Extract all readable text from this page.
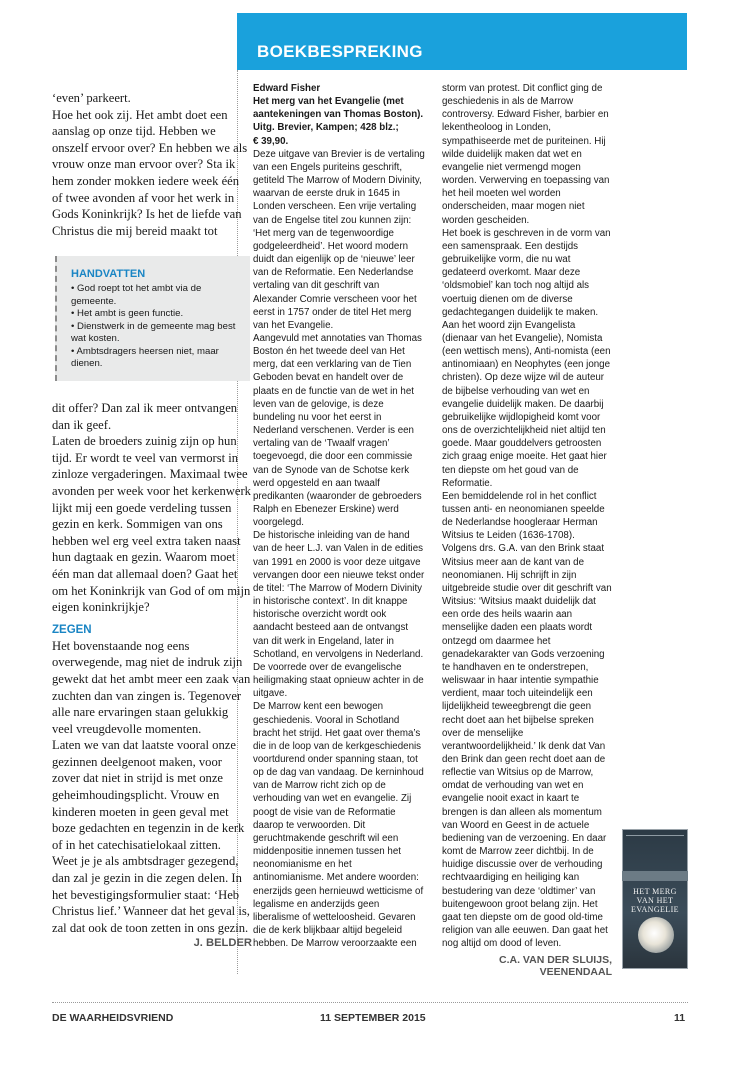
BOEKBESPREKING

‘even’ parkeert.

Hoe het ook zij. Het ambt doet een aanslag op onze tijd. Hebben we onszelf ervoor over? En hebben we als vrouw onze man ervoor over? Sta ik hem zonder mokken iedere week één of twee avonden af voor het werk in Gods Koninkrijk? Is het de liefde van Christus die mij bereid maakt tot

HANDVATTEN
• God roept tot het ambt via de gemeente.
• Het ambt is geen functie.
• Dienstwerk in de gemeente mag best wat kosten.
• Ambtsdragers heersen niet, maar dienen.

dit offer? Dan zal ik meer ontvangen dan ik geef.

Laten de broeders zuinig zijn op hun tijd. Er wordt te veel van vermorst in zinloze vergaderingen. Maximaal twee avonden per week voor het kerkenwerk lijkt mij een goede verdeling tussen gezin en kerk. Sommigen van ons hebben wel erg veel extra taken naast hun dagtaak en gezin. Waarom moet één man dat allemaal doen? Gaat het om het Koninkrijk van God of om mijn eigen koninkrijkje?

ZEGEN

Het bovenstaande nog eens overwegende, mag niet de indruk zijn gewekt dat het ambt meer een zaak van zuchten dan van zingen is. Tegenover alle nare ervaringen staan gelukkig veel vreugdevolle momenten.

Laten we van dat laatste vooral onze gezinnen deelgenoot maken, voor zover dat niet in strijd is met onze geheimhoudingsplicht. Vrouw en kinderen moeten in geen geval met boze gedachten en tegenzin in de kerk of in het catechisatielokaal zitten.

Weet je je als ambtsdrager gezegend, dan zal je gezin in die zegen delen. In het bevestigingsformulier staat: ‘Heb Christus lief.’ Wanneer dat het geval is, zal dat ook de toon zetten in ons gezin.

J. BELDER

Edward Fisher

Het merg van het Evangelie (met aantekeningen van Thomas Boston).

Uitg. Brevier, Kampen; 428 blz.;

€ 39,90.

Deze uitgave van Brevier is de vertaling van een Engels puriteins geschrift, getiteld The Marrow of Modern Divinity, waarvan de eerste druk in 1645 in Londen verscheen. Een vrije vertaling van de Engelse titel zou kunnen zijn: ‘Het merg van de tegenwoordige godgeleerdheid’. Het woord modern duidt dan eigenlijk op de ‘nieuwe’ leer van de Reformatie. Een Nederlandse vertaling van dit geschrift van Alexander Comrie verscheen voor het eerst in 1757 onder de titel Het merg van het Evangelie.

Aangevuld met annotaties van Thomas Boston én het tweede deel van Het merg, dat een verklaring van de Tien Geboden bevat en handelt over de plaats en de functie van de wet in het leven van de gelovige, is deze bundeling nu voor het eerst in Nederland verschenen. Verder is een vertaling van de ‘Twaalf vragen’ toegevoegd, die door een commissie van de Synode van de Schotse kerk werd opgesteld en aan twaalf predikanten (waaronder de gebroeders Ralph en Ebenezer Erskine) werd voorgelegd.

De historische inleiding van de hand van de heer L.J. van Valen in de edities van 1991 en 2000 is voor deze uitgave vervangen door een nieuwe tekst onder de titel: ‘The Marrow of Modern Divinity in historische context’. In dit knappe historische overzicht wordt ook aandacht besteed aan de ontvangst van dit werk in Engeland, later in Schotland, en vervolgens in Nederland. De voorrede over de evangelische heiligmaking staat opnieuw achter in de uitgave.

De Marrow kent een bewogen geschiedenis. Vooral in Schotland bracht het strijd. Het gaat over thema’s die in de loop van de kerkgeschiedenis voortdurend onder spanning staan, tot op de dag van vandaag. De kerninhoud van de Marrow richt zich op de verhouding van wet en evangelie. Zij poogt de visie van de Reformatie daarop te verwoorden. Dit geruchtmakende geschrift wil een middenpositie innemen tussen het neonomianisme en het antinomianisme. Met andere woorden: enerzijds geen hernieuwd wetticisme of legalisme en anderzijds geen liberalisme of wetteloosheid. Gevaren die de kerk blijkbaar altijd begeleid hebben. De Marrow veroorzaakte een

storm van protest. Dit conflict ging de geschiedenis in als de Marrow controversy. Edward Fisher, barbier en lekentheoloog in Londen, sympathiseerde met de puriteinen. Hij wilde duidelijk maken dat wet en evangelie niet vermengd mogen worden. Verwerving en toepassing van het heil moeten wel worden onderscheiden, maar mogen niet worden gescheiden.

Het boek is geschreven in de vorm van een samenspraak. Een destijds gebruikelijke vorm, die nu wat gedateerd overkomt. Maar deze ‘oldsmobiel’ kan toch nog altijd als voertuig dienen om de diverse gedachtegangen duidelijk te maken. Aan het woord zijn Evangelista (dienaar van het Evangelie), Nomista (een wettisch mens), Anti-nomista (een antinomiaan) en Neophytes (een jonge christen). Op deze wijze wil de auteur de bijbelse verhouding van wet en evangelie duidelijk maken. De daarbij gebruikelijke wijdlopigheid komt voor ons de overzichtelijkheid niet altijd ten goede. Maar gouddelvers getroosten zich graag enige moeite. Het gaat hier ten diepste om het goud van de Reformatie.

Een bemiddelende rol in het conflict tussen anti- en neonomianen speelde de Nederlandse hoogleraar Herman Witsius te Leiden (1636-1708). Volgens drs. G.A. van den Brink staat Witsius meer aan de kant van de neonomianen. Hij schrijft in zijn uitgebreide studie over dit geschrift van Witsius: ‘Witsius maakt duidelijk dat een orde des heils waarin aan menselijke daden een plaats wordt ontzegd om daarmee het genadekarakter van Gods verzoening te handhaven en te onderstrepen, weliswaar in haar intentie sympathie verdient, maar toch uiteindelijk een lijdelijkheid teweegbrengt die geen recht doet aan het bijbelse spreken over de menselijke verantwoordelijkheid.’ Ik denk dat Van den Brink dan geen recht doet aan de reflectie van Witsius op de Marrow, omdat de verhouding van wet en evangelie nooit exact in kaart te brengen is dan alleen als momentum van Woord en Geest in de actuele bediening van de verzoening. En daar komt de Marrow zeer dichtbij. In de huidige discussie over de verhouding rechtvaardiging en heiliging kan bestudering van deze ‘oldtimer’ van buitengewoon groot belang zijn. Het gaat ten diepste om de good old-time religion van alle eeuwen. Dan gaat het nog altijd om dood of leven.

C.A. VAN DER SLUIJS, VEENENDAAL
HET MERG VAN HET EVANGELIE
DE WAARHEIDSVRIEND	11 SEPTEMBER 2015	11
